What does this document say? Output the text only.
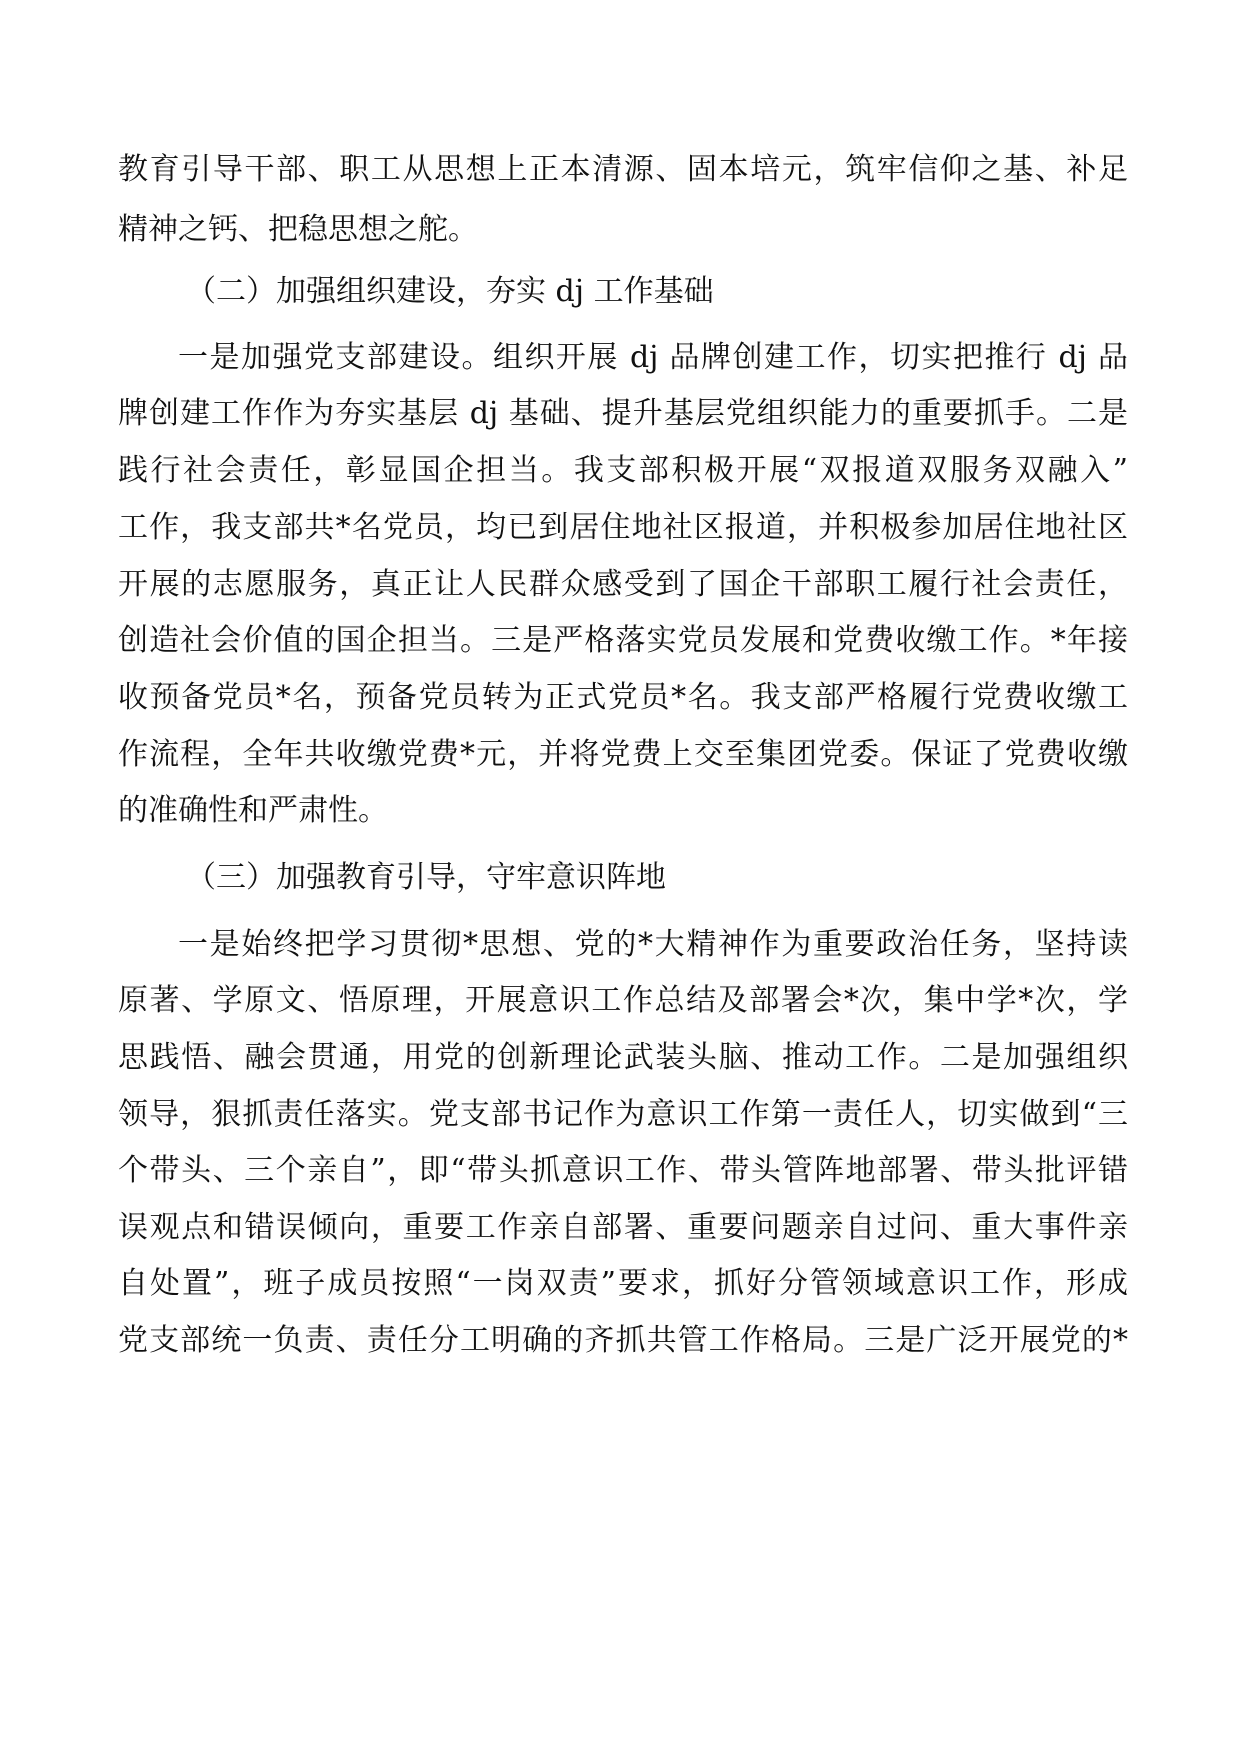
教育引导干部、职工从思想上正本清源、固本培元，筑牢信仰之基、补足
精神之钙、把稳思想之舵。
（二）加强组织建设，夯实 dj 工作基础
一是加强党支部建设。组织开展 dj 品牌创建工作，切实把推行 dj 品
牌创建工作作为夯实基层 dj 基础、提升基层党组织能力的重要抓手。二是
践行社会责任，彰显国企担当。我支部积极开展“双报道双服务双融入”
工作，我支部共*名党员，均已到居住地社区报道，并积极参加居住地社区
开展的志愿服务，真正让人民群众感受到了国企干部职工履行社会责任，
创造社会价值的国企担当。三是严格落实党员发展和党费收缴工作。*年接
收预备党员*名，预备党员转为正式党员*名。我支部严格履行党费收缴工
作流程，全年共收缴党费*元，并将党费上交至集团党委。保证了党费收缴
的准确性和严肃性。
（三）加强教育引导，守牢意识阵地
一是始终把学习贯彻*思想、党的*大精神作为重要政治任务，坚持读
原著、学原文、悟原理，开展意识工作总结及部署会*次，集中学*次，学
思践悟、融会贯通，用党的创新理论武装头脑、推动工作。二是加强组织
领导，狠抓责任落实。党支部书记作为意识工作第一责任人，切实做到“三
个带头、三个亲自”，即“带头抓意识工作、带头管阵地部署、带头批评错
误观点和错误倾向，重要工作亲自部署、重要问题亲自过问、重大事件亲
自处置”，班子成员按照“一岗双责”要求，抓好分管领域意识工作，形成
党支部统一负责、责任分工明确的齐抓共管工作格局。三是广泛开展党的*
